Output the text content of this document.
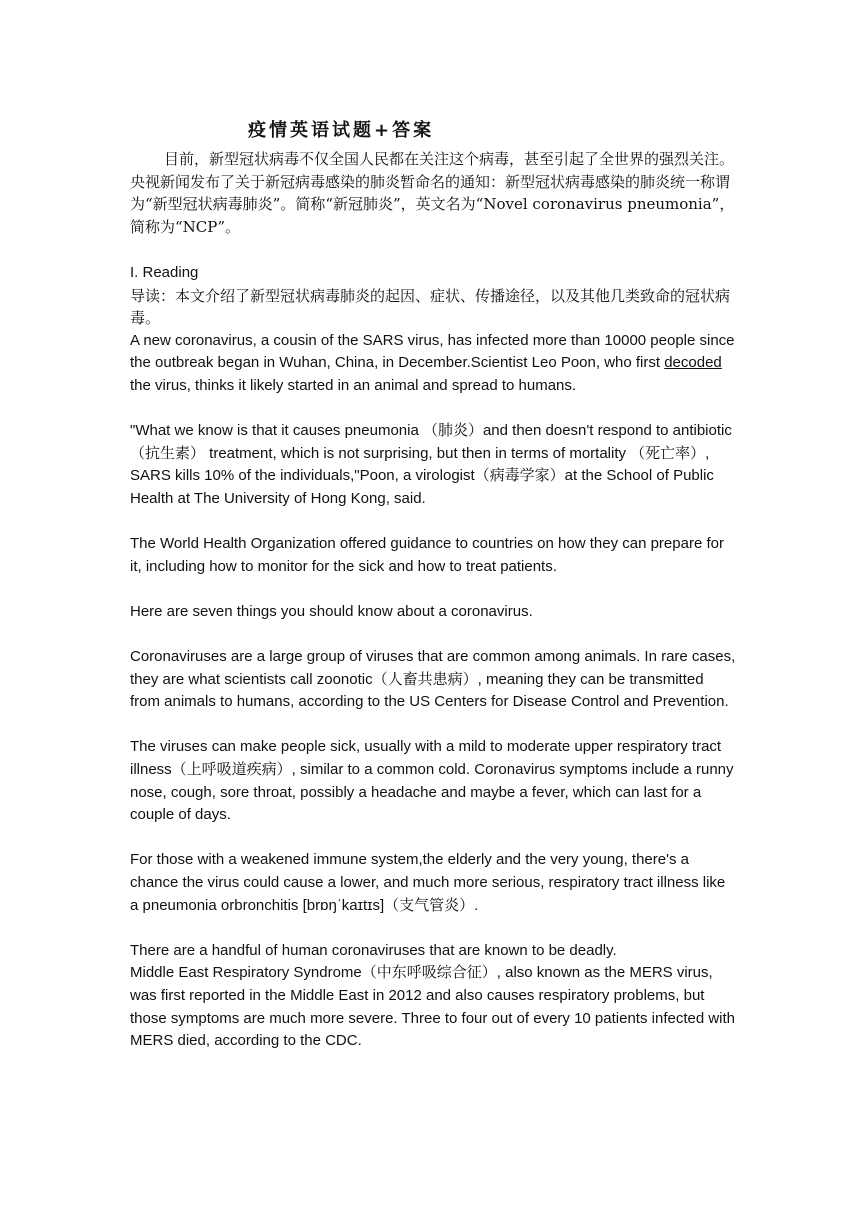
疫情英语试题+答案

目前，新型冠状病毒不仅全国人民都在关注这个病毒，甚至引起了全世界的强烈关注。央视新闻发布了关于新冠病毒感染的肺炎暂命名的通知：新型冠状病毒感染的肺炎统一称谓为“新型冠状病毒肺炎”。简称“新冠肺炎”，英文名为“Novel coronavirus pneumonia”，简称为“NCP”。

I. Reading

导读：本文介绍了新型冠状病毒肺炎的起因、症状、传播途径，以及其他几类致命的冠状病毒。

A new coronavirus, a cousin of the SARS virus, has infected more than 10000 people since the outbreak began in Wuhan, China, in December.Scientist Leo Poon, who first decoded the virus, thinks it likely started in an animal and spread to humans.

"What we know is that it causes pneumonia （肺炎）and then doesn't respond to antibiotic（抗生素） treatment, which is not surprising, but then in terms of mortality （死亡率）, SARS kills 10% of the individuals,"Poon, a virologist（病毒学家）at the School of Public Health at The University of Hong Kong, said.

The World Health Organization offered guidance to countries on how they can prepare for it, including how to monitor for the sick and how to treat patients.

Here are seven things you should know about a coronavirus.

Coronaviruses are a large group of viruses that are common among animals. In rare cases, they are what scientists call zoonotic（人畜共患病）, meaning they can be transmitted from animals to humans, according to the US Centers for Disease Control and Prevention.

The viruses can make people sick, usually with a mild to moderate upper respiratory tract illness（上呼吸道疾病）, similar to a common cold. Coronavirus symptoms include a runny nose, cough, sore throat, possibly a headache and maybe a fever, which can last for a couple of days.

For those with a weakened immune system,the elderly and the very young, there's a chance the virus could cause a lower, and much more serious, respiratory tract illness like a pneumonia orbronchitis [brɒŋˈkaɪtɪs]（支气管炎）.

There are a handful of human coronaviruses that are known to be deadly.

Middle East Respiratory Syndrome（中东呼吸综合征）, also known as the MERS virus, was first reported in the Middle East in 2012 and also causes respiratory problems, but those symptoms are much more severe. Three to four out of every 10 patients infected with MERS died, according to the CDC.
